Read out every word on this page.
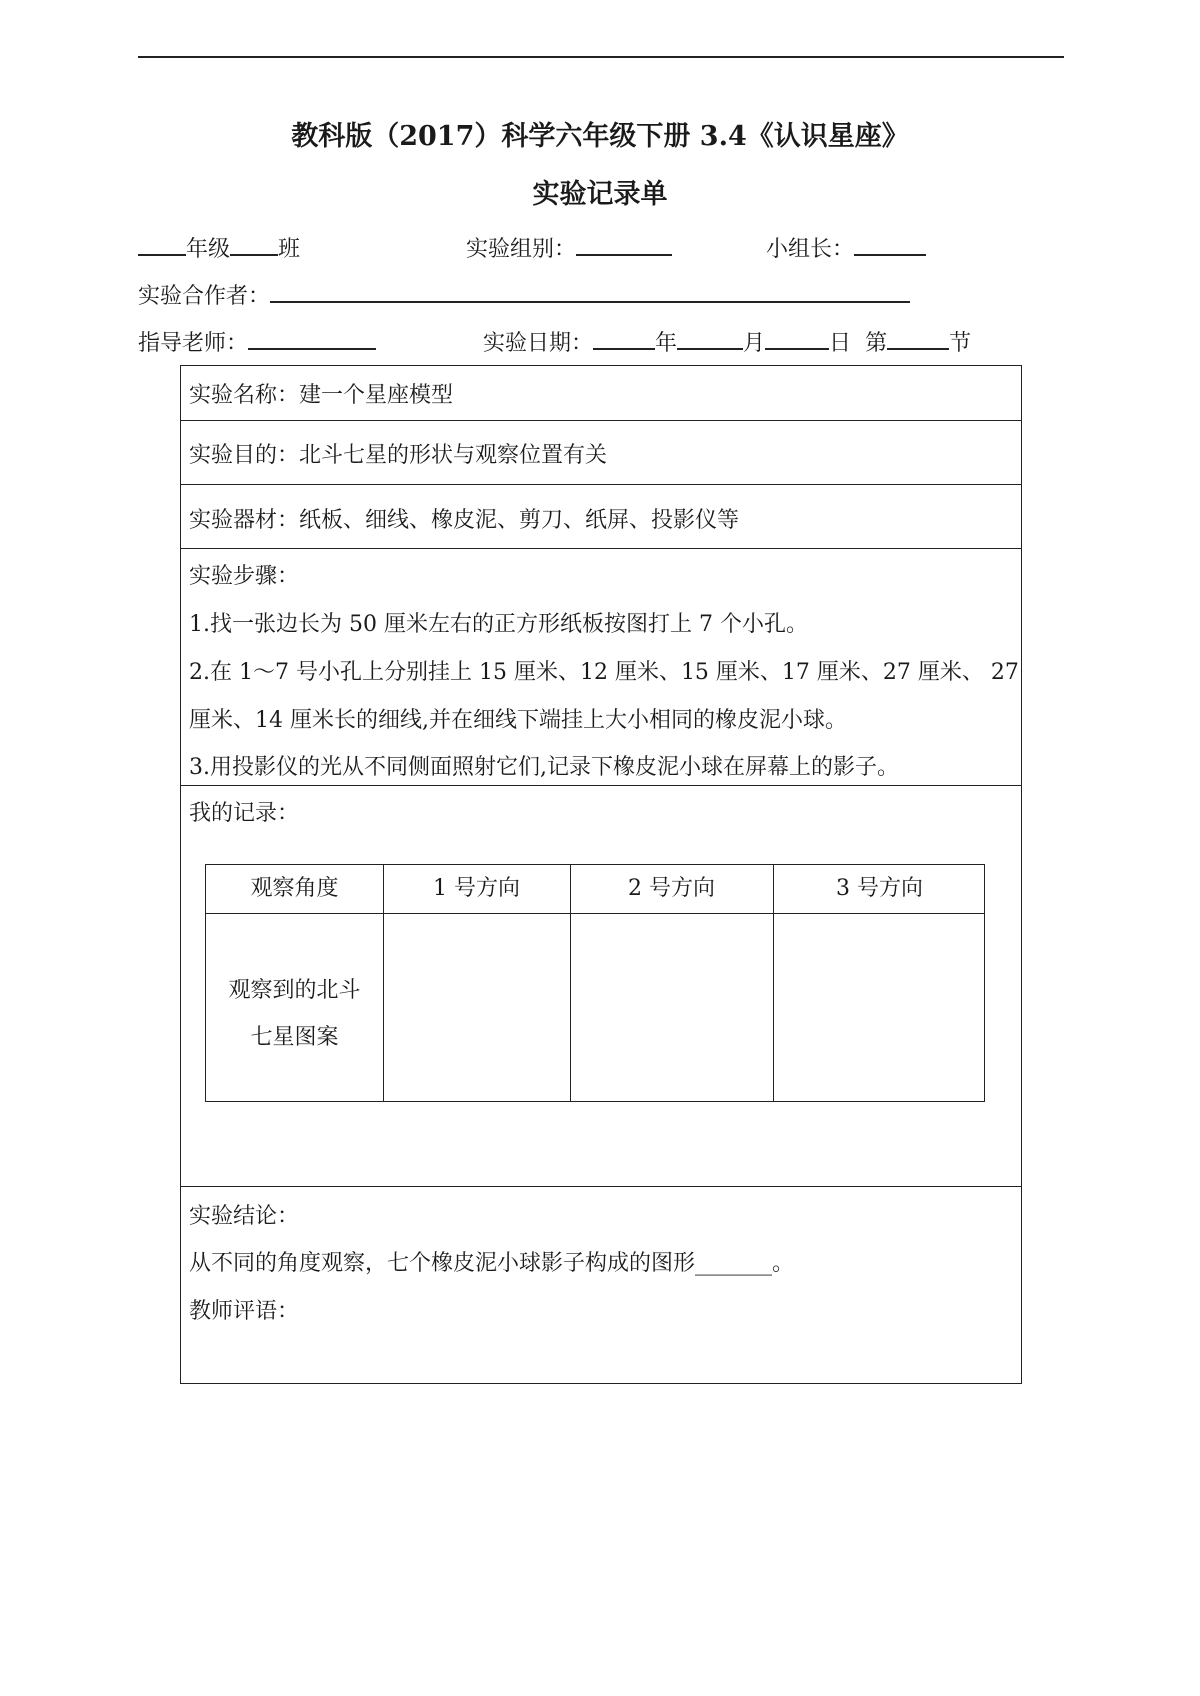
教科版（2017）科学六年级下册 3.4《认识星座》
实验记录单
年级 班	实验组别：	小组长：
实验合作者：
指导老师：	实验日期：	年	月	日 第	节
实验名称：建一个星座模型
实验目的：北斗七星的形状与观察位置有关
实验器材：纸板、细线、橡皮泥、剪刀、纸屏、投影仪等
实验步骤：
1.找一张边长为 50 厘米左右的正方形纸板按图打上 7 个小孔。
2.在 1～7 号小孔上分别挂上 15 厘米、12 厘米、15 厘米、17 厘米、27 厘米、 27
厘米、14 厘米长的细线,并在细线下端挂上大小相同的橡皮泥小球。
3.用投影仪的光从不同侧面照射它们,记录下橡皮泥小球在屏幕上的影子。
我的记录：
观察角度	1 号方向	2 号方向	3 号方向
观察到的北斗
七星图案
实验结论：
从不同的角度观察，七个橡皮泥小球影子构成的图形_______。
教师评语：
